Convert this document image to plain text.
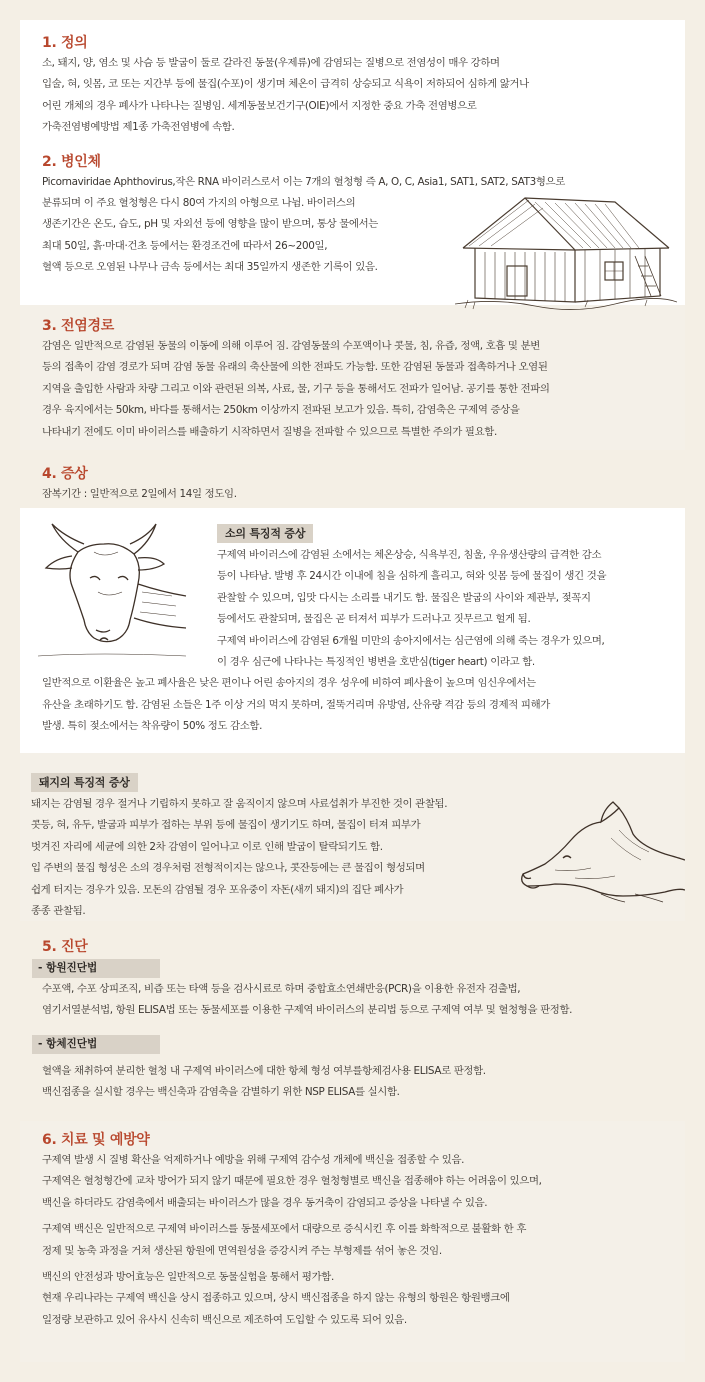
1. 정의

소, 돼지, 양, 염소 및 사슴 등 발굽이 둘로 갈라진 동물(우제류)에 감염되는 질병으로 전염성이 매우 강하며

입술, 혀, 잇몸, 코 또는 지간부 등에 물집(수포)이 생기며 체온이 급격히 상승되고 식욕이 저하되어 심하게 앓거나

어린 개체의 경우 폐사가 나타나는 질병임. 세계동물보건기구(OIE)에서 지정한 중요 가축 전염병으로

가축전염병예방법 제1종 가축전염병에 속함.

2. 병인체

Picornaviridae Aphthovirus,작은 RNA 바이러스로서 이는 7개의 혈청형 즉 A, O, C, Asia1, SAT1, SAT2, SAT3형으로

분류되며 이 주요 혈청형은 다시 80여 가지의 아형으로 나뉨. 바이러스의

생존기간은 온도, 습도, pH 및 자외선 등에 영향을 많이 받으며, 통상 물에서는

최대 50일, 흙·마대·건초 등에서는 환경조건에 따라서 26~200일,

혈액 등으로 오염된 나무나 금속 등에서는 최대 35일까지 생존한 기록이 있음.

3. 전염경로

감염은 일반적으로 감염된 동물의 이동에 의해 이루어 짐. 감염동물의 수포액이나 콧물, 침, 유즙, 정액, 호흡 및 분변

등의 접촉이 감염 경로가 되며 감염 동물 유래의 축산물에 의한 전파도 가능함. 또한 감염된 동물과 접촉하거나 오염된

지역을 출입한 사람과 차량 그리고 이와 관련된 의복, 사료, 물, 기구 등을 통해서도 전파가 일어남. 공기를 통한 전파의

경우 육지에서는 50km, 바다를 통해서는 250km 이상까지 전파된 보고가 있음. 특히, 감염축은 구제역 증상을

나타내기 전에도 이미 바이러스를 배출하기 시작하면서 질병을 전파할 수 있으므로 특별한 주의가 필요함.

4. 증상

잠복기간 : 일반적으로 2일에서 14일 정도임.

소의 특징적 증상

구제역 바이러스에 감염된 소에서는 체온상승, 식욕부진, 침울, 우유생산량의 급격한 감소

등이 나타남. 발병 후 24시간 이내에 침을 심하게 흘리고, 혀와 잇몸 등에 물집이 생긴 것을

관찰할 수 있으며, 입맛 다시는 소리를 내기도 함. 물집은 발굽의 사이와 제관부, 젖꼭지

등에서도 관찰되며, 물집은 곧 터져서 피부가 드러나고 짓무르고 헐게 됨.

구제역 바이러스에 감염된 6개월 미만의 송아지에서는 심근염에 의해 죽는 경우가 있으며,

이 경우 심근에 나타나는 특징적인 병변을 호반심(tiger heart) 이라고 함.

일반적으로 이환율은 높고 폐사율은 낮은 편이나 어린 송아지의 경우 성우에 비하여 폐사율이 높으며 임신우에서는

유산을 초래하기도 함. 감염된 소들은 1주 이상 거의 먹지 못하며, 절뚝거리며 유방염, 산유량 격감 등의 경제적 피해가

발생. 특히 젖소에서는 착유량이 50% 정도 감소함.

돼지의 특징적 증상

돼지는 감염될 경우 절거나 기립하지 못하고 잘 움직이지 않으며 사료섭취가 부진한 것이 관찰됨.

콧등, 혀, 유두, 발굽과 피부가 접하는 부위 등에 물집이 생기기도 하며, 물집이 터져 피부가

벗겨진 자리에 세균에 의한 2차 감염이 일어나고 이로 인해 발굽이 탈락되기도 함.

입 주변의 물집 형성은 소의 경우처럼 전형적이지는 않으나, 콧잔등에는 큰 물집이 형성되며

쉽게 터지는 경우가 있음. 모돈의 감염될 경우 포유중이 자돈(새끼 돼지)의 집단 폐사가

종종 관찰됨.

5. 진단
- 항원진단법

수포액, 수포 상피조직, 비즙 또는 타액 등을 검사시료로 하며 중합효소연쇄반응(PCR)을 이용한 유전자 검출법,

염기서열분석법, 항원 ELISA법 또는 동물세포를 이용한 구제역 바이러스의 분리법 등으로 구제역 여부 및 혈청형을 판정함.

- 항체진단법

혈액을 채취하여 분리한 혈청 내 구제역 바이러스에 대한 항체 형성 여부를항체검사용 ELISA로 판정함.

백신접종을 실시할 경우는 백신축과 감염축을 감별하기 위한 NSP ELISA를 실시함.

6. 치료 및 예방약

구제역 발생 시 질병 확산을 억제하거나 예방을 위해 구제역 감수성 개체에 백신을 접종할 수 있음.

구제역은 혈청형간에 교차 방어가 되지 않기 때문에 필요한 경우 혈청형별로 백신을 접종해야 하는 어려움이 있으며,

백신을 하더라도 감염축에서 배출되는 바이러스가 많을 경우 동거축이 감염되고 증상을 나타낼 수 있음.

구제역 백신은 일반적으로 구제역 바이러스를 동물세포에서 대량으로 증식시킨 후 이를 화학적으로 불활화 한 후

정제 및 농축 과정을 거쳐 생산된 항원에 면역원성을 증강시켜 주는 부형제를 섞어 놓은 것임.

백신의 안전성과 방어효능은 일반적으로 동물실험을 통해서 평가함.

현재 우리나라는 구제역 백신을 상시 접종하고 있으며, 상시 백신접종을 하지 않는 유형의 항원은 항원뱅크에

일정량 보관하고 있어 유사시 신속히 백신으로 제조하여 도입할 수 있도록 되어 있음.
